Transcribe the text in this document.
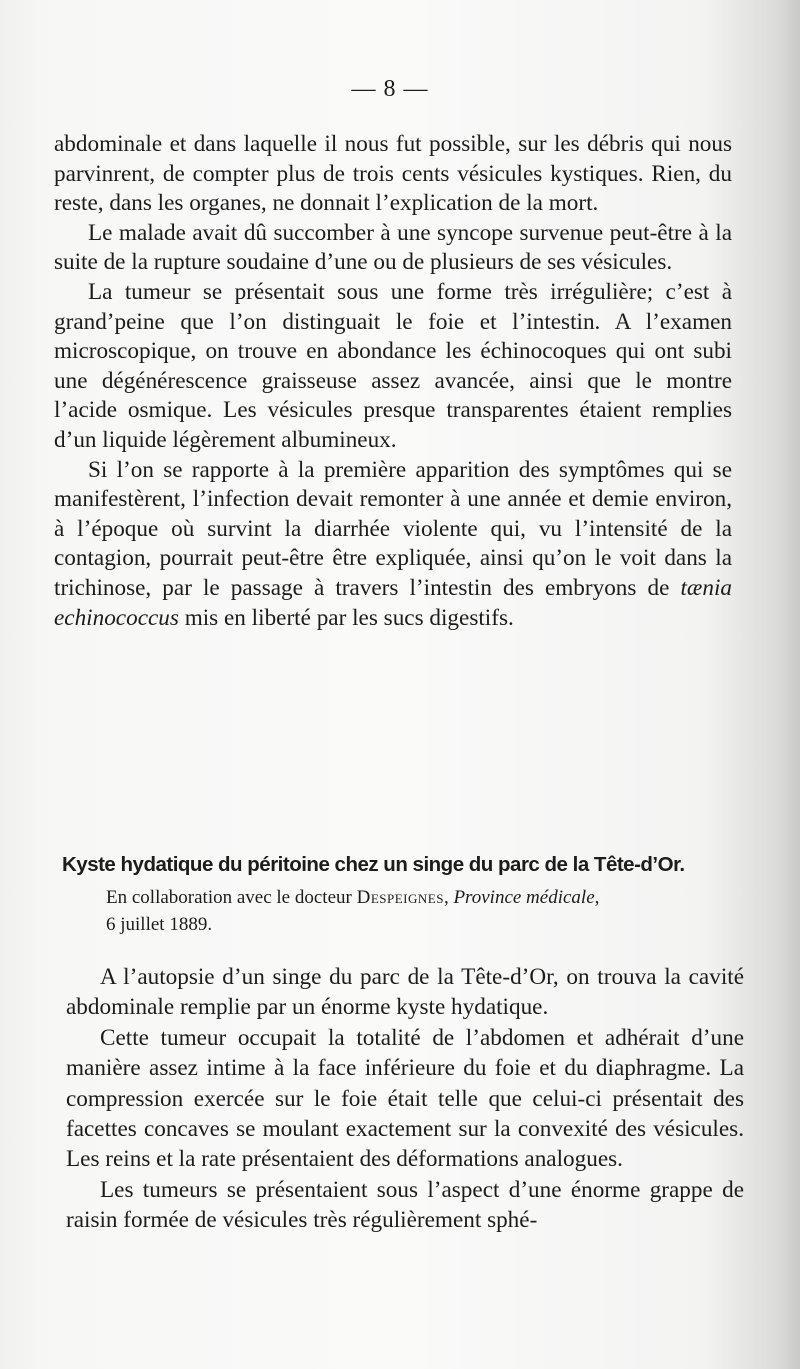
— 8 —

abdominale et dans laquelle il nous fut possible, sur les débris qui nous parvinrent, de compter plus de trois cents vésicules kystiques. Rien, du reste, dans les organes, ne donnait l’explication de la mort.

Le malade avait dû succomber à une syncope survenue peut-être à la suite de la rupture soudaine d’une ou de plusieurs de ses vésicules.

La tumeur se présentait sous une forme très irrégulière; c’est à grand’peine que l’on distinguait le foie et l’intestin. A l’examen microscopique, on trouve en abondance les échinocoques qui ont subi une dégénérescence graisseuse assez avancée, ainsi que le montre l’acide osmique. Les vésicules presque transparentes étaient remplies d’un liquide légèrement albumineux.

Si l’on se rapporte à la première apparition des symptômes qui se manifestèrent, l’infection devait remonter à une année et demie environ, à l’époque où survint la diarrhée violente qui, vu l’intensité de la contagion, pourrait peut-être être expliquée, ainsi qu’on le voit dans la trichinose, par le passage à travers l’intestin des embryons de tænia echinococcus mis en liberté par les sucs digestifs.

Kyste hydatique du péritoine chez un singe du parc de la Tête-d’Or.
En collaboration avec le docteur Despeignes, Province médicale,
6 juillet 1889.

A l’autopsie d’un singe du parc de la Tête-d’Or, on trouva la cavité abdominale remplie par un énorme kyste hydatique.

Cette tumeur occupait la totalité de l’abdomen et adhérait d’une manière assez intime à la face inférieure du foie et du diaphragme. La compression exercée sur le foie était telle que celui-ci présentait des facettes concaves se moulant exactement sur la convexité des vésicules. Les reins et la rate présentaient des déformations analogues.

Les tumeurs se présentaient sous l’aspect d’une énorme grappe de raisin formée de vésicules très régulièrement sphé-
